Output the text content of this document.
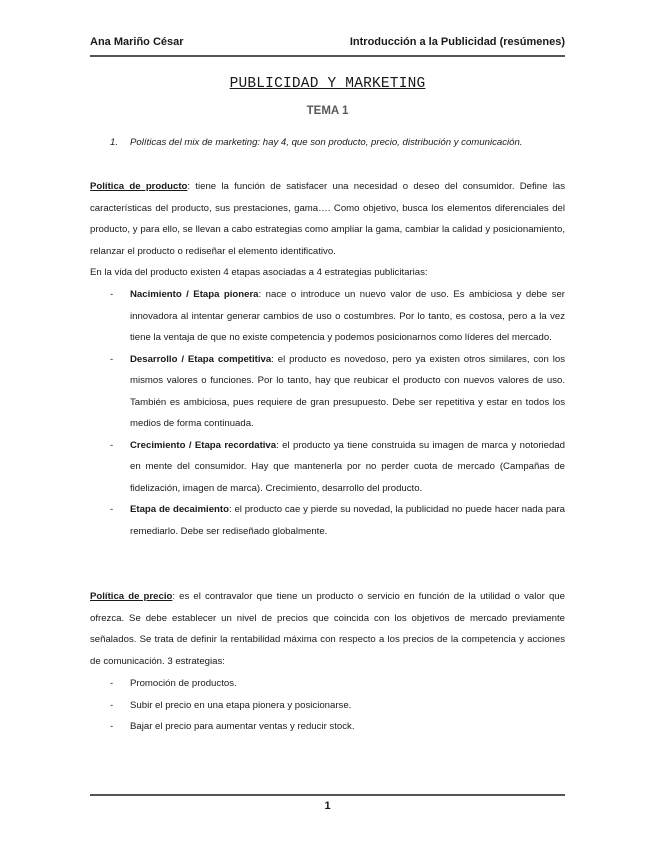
Ana Mariño César	Introducción a la Publicidad (resúmenes)
PUBLICIDAD Y MARKETING
TEMA 1
1. Políticas del mix de marketing: hay 4, que son producto, precio, distribución y comunicación.

Política de producto: tiene la función de satisfacer una necesidad o deseo del consumidor. Define las características del producto, sus prestaciones, gama…. Como objetivo, busca los elementos diferenciales del producto, y para ello, se llevan a cabo estrategias como ampliar la gama, cambiar la calidad y posicionamiento, relanzar el producto o rediseñar el elemento identificativo.

En la vida del producto existen 4 etapas asociadas a 4 estrategias publicitarias:

- Nacimiento / Etapa pionera: nace o introduce un nuevo valor de uso. Es ambiciosa y debe ser innovadora al intentar generar cambios de uso o costumbres. Por lo tanto, es costosa, pero a la vez tiene la ventaja de que no existe competencia y podemos posicionarnos como líderes del mercado.
- Desarrollo / Etapa competitiva: el producto es novedoso, pero ya existen otros similares, con los mismos valores o funciones. Por lo tanto, hay que reubicar el producto con nuevos valores de uso. También es ambiciosa, pues requiere de gran presupuesto. Debe ser repetitiva y estar en todos los medios de forma continuada.
- Crecimiento / Etapa recordativa: el producto ya tiene construida su imagen de marca y notoriedad en mente del consumidor. Hay que mantenerla por no perder cuota de mercado (Campañas de fidelización, imagen de marca). Crecimiento, desarrollo del producto.
- Etapa de decaimiento: el producto cae y pierde su novedad, la publicidad no puede hacer nada para remediarlo. Debe ser rediseñado globalmente.

Política de precio: es el contravalor que tiene un producto o servicio en función de la utilidad o valor que ofrezca. Se debe establecer un nivel de precios que coincida con los objetivos de mercado previamente señalados. Se trata de definir la rentabilidad máxima con respecto a los precios de la competencia y acciones de comunicación. 3 estrategias:

- Promoción de productos.
- Subir el precio en una etapa pionera y posicionarse.
- Bajar el precio para aumentar ventas y reducir stock.
1
